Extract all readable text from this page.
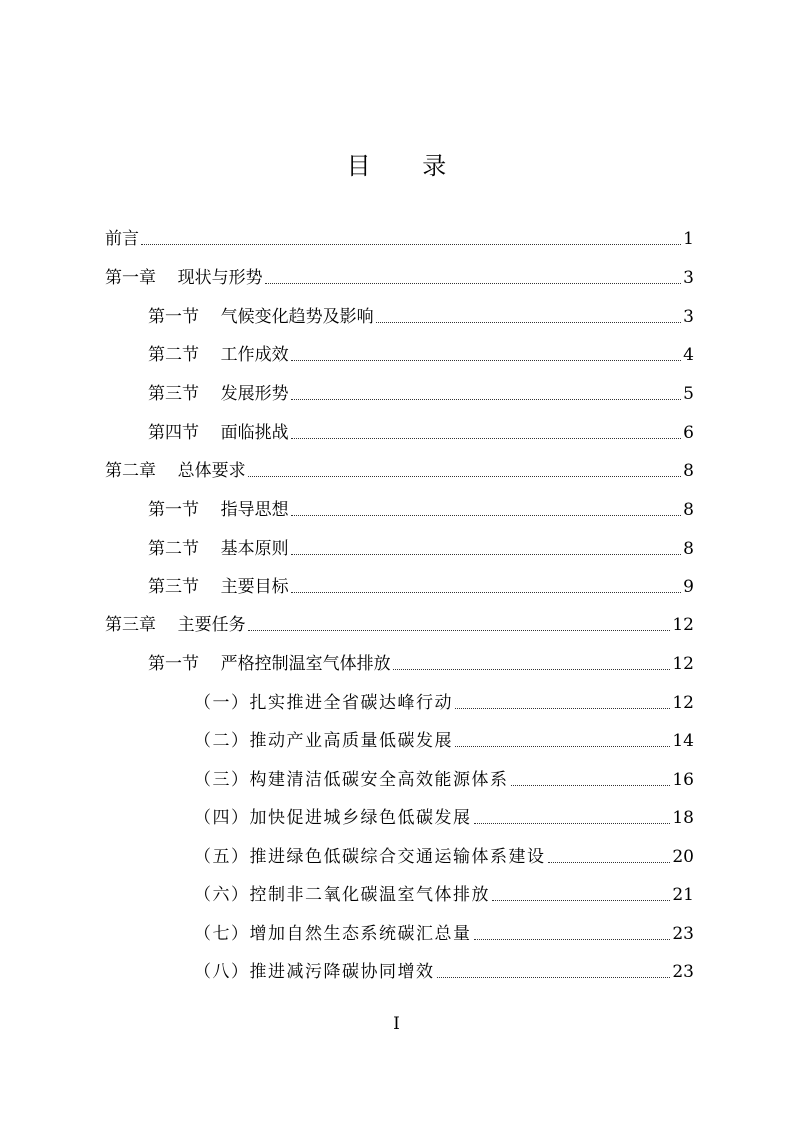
目 录
前言	1
第一章    现状与形势	3
第一节    气候变化趋势及影响	3
第二节    工作成效	4
第三节    发展形势	5
第四节    面临挑战	6
第二章    总体要求	8
第一节    指导思想	8
第二节    基本原则	8
第三节    主要目标	9
第三章    主要任务	12
第一节    严格控制温室气体排放	12
（一）扎实推进全省碳达峰行动	12
（二）推动产业高质量低碳发展	14
（三）构建清洁低碳安全高效能源体系	16
（四）加快促进城乡绿色低碳发展	18
（五）推进绿色低碳综合交通运输体系建设	20
（六）控制非二氧化碳温室气体排放	21
（七）增加自然生态系统碳汇总量	23
（八）推进减污降碳协同增效	23
I
